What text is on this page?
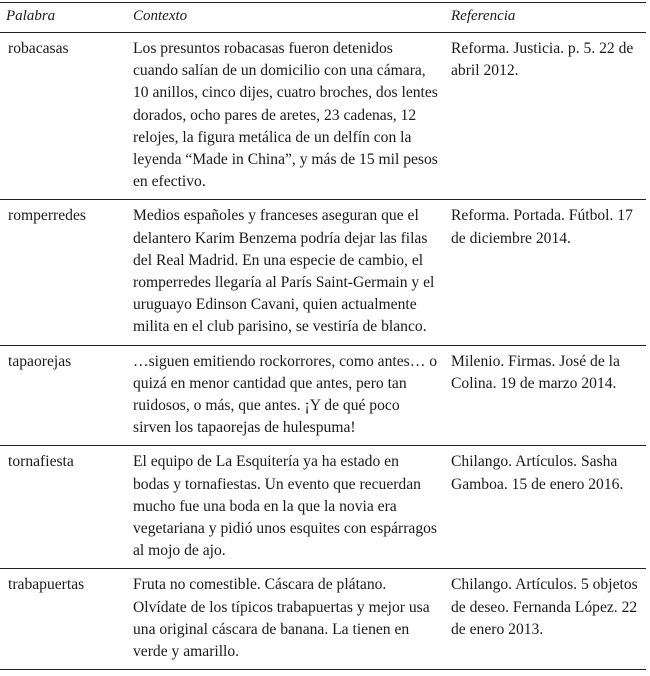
Palabra	Contexto	Referencia
robacasas	Los presuntos robacasas fueron detenidos cuando salían de un domicilio con una cámara, 10 anillos, cinco dijes, cuatro broches, dos lentes dorados, ocho pares de aretes, 23 cadenas, 12 relojes, la figura metálica de un delfín con la leyenda “Made in China”, y más de 15 mil pesos en efectivo.	Reforma. Justicia. p. 5. 22 de abril 2012.
romperredes	Medios españoles y franceses aseguran que el delantero Karim Benzema podría dejar las filas del Real Madrid. En una especie de cambio, el romperredes llegaría al París Saint-Germain y el uruguayo Edinson Cavani, quien actualmente milita en el club parisino, se vestiría de blanco.	Reforma. Portada. Fútbol. 17 de diciembre 2014.
tapaorejas	…siguen emitiendo rockorrores, como antes… o quizá en menor cantidad que antes, pero tan ruidosos, o más, que antes. ¡Y de qué poco sirven los tapaorejas de hulespuma!	Milenio. Firmas. José de la Colina. 19 de marzo 2014.
tornafiesta	El equipo de La Esquitería ya ha estado en bodas y tornafiestas. Un evento que recuerdan mucho fue una boda en la que la novia era vegetariana y pidió unos esquites con espárragos al mojo de ajo.	Chilango. Artículos. Sasha Gamboa. 15 de enero 2016.
trabapuertas	Fruta no comestible. Cáscara de plátano. Olvídate de los típicos trabapuertas y mejor usa una original cáscara de banana. La tienen en verde y amarillo.	Chilango. Artículos. 5 objetos de deseo. Fernanda López. 22 de enero 2013.
